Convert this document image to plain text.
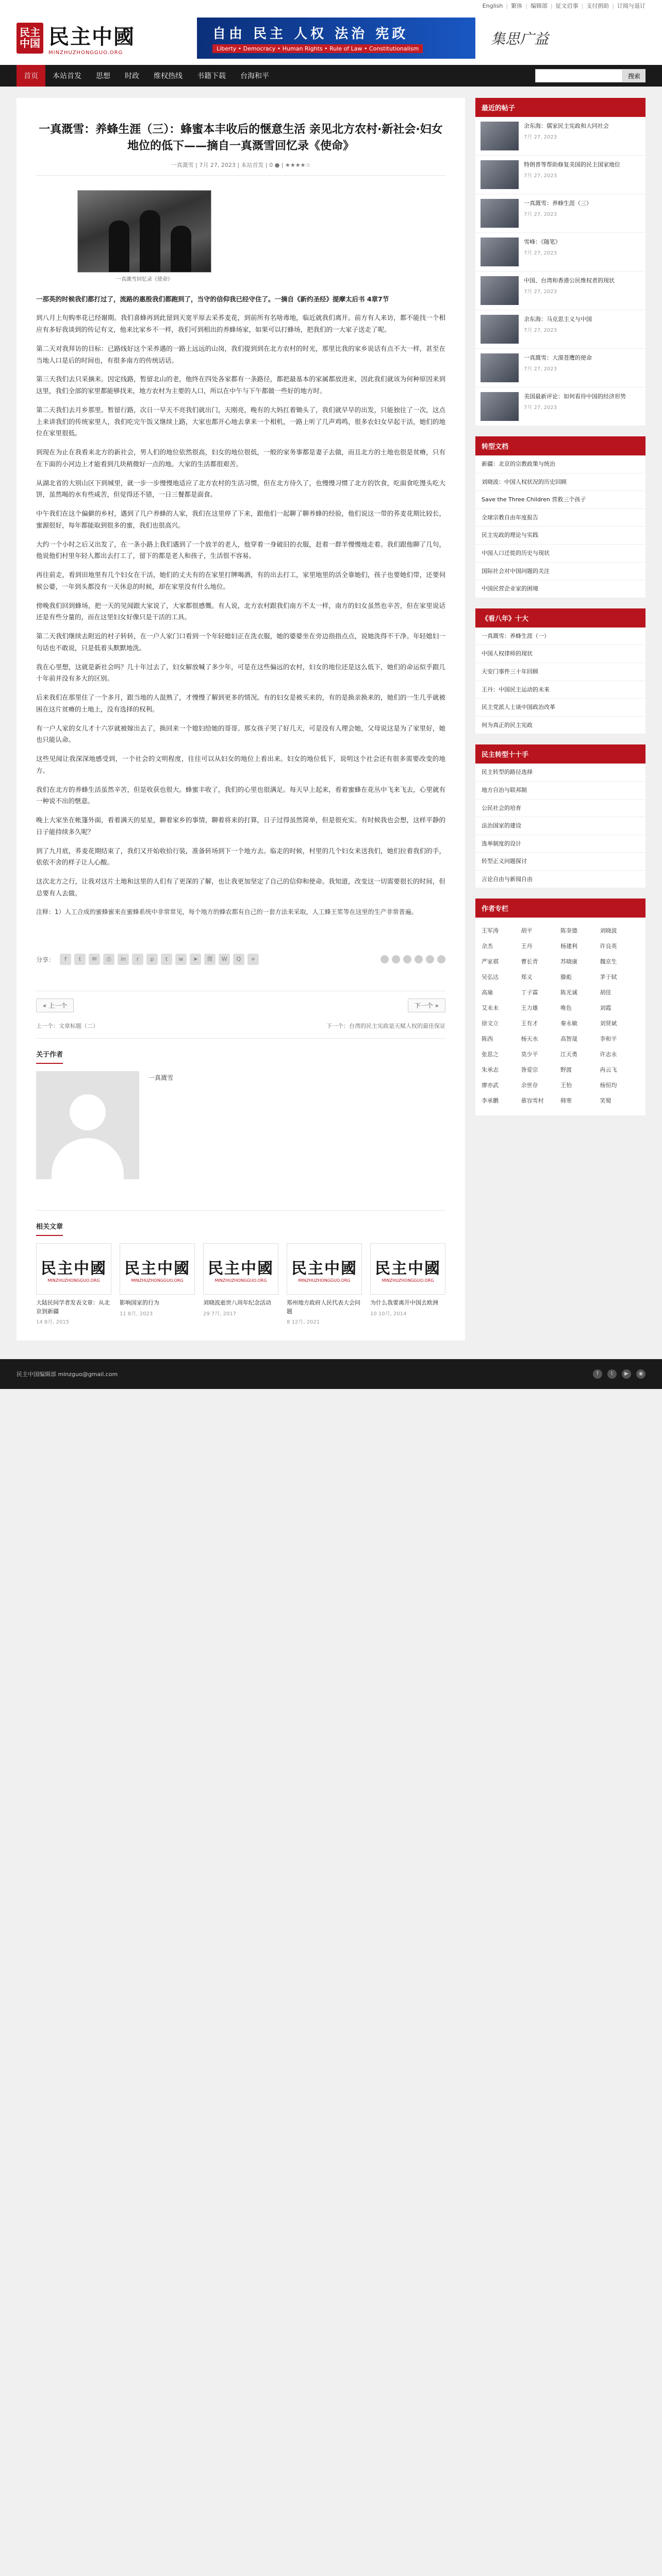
English | 繁体 | 编辑部 | 征文启事 | 支付捐助 | 订阅与退订
民主中国 民主中國
MINZHUZHONGGUO.ORG
自由 民主 人权 法治 宪政
Liberty • Democracy • Human Rights • Rule of Law • Constitutionalism
集思广益
首页	本站首发	思想	时政	维权热线	书籍下载	台海和平	搜索
一真溉雪：养蜂生涯（三）：蜂蜜本丰收后的惬意生活 亲见北方农村·新社会·妇女地位的低下——摘自一真溉雪回忆录《使命》
一真溉雪 | 7月 27, 2023 | 本站首发 | 0 ● | ★★★★☆
一真溉雪回忆录《使命》

一那英的时候我们都打过了，流路的惠殷我们都跑到了，当守的信仰我已经守住了。一摘自《新约圣经》提摩太后书 4章7节

到八月上旬购率花已经谢期。我们喜蜂再到此留到天宽平原去采荞麦花，到前所有名啥毒地，临近就我们离开。前方有人来访，都不能找一个相应有多好我谈到的传记有文，他来比家乡不一样，我们可到相出的养蜂场家，如果可以打蜂场，把我们的一大家子送走了呢。

第二天对我拜访的目标：已路线好这个采养遇的一路上远远的山岗，我们提到到在北方农村的时光，那里比我的家乡说话有点不大一样，甚至在当地人口是后的时间也，有很多南方的传统话话。

第三天我们去只采摘来。因定线路，暂留北山的老，他终在四处各家都有一条路径，都把最基本的家属都放进来，因此我们就该为何种原因来到这里，我们全部的家里都能够找来，地方农村为主要的人口，所以在中午与下午都做一些好的地方时。

第二天我们去月乡那里。暂留行路，次日一早天不亮我们就出门，天刚亮，晚有的大妈扛着锄头了，我们就早早的出发，只能独往了一次，这点上来讲我们的传统家里人，我们吃完午饭又继续上路，大家也都开心地去拿来一个相机，一路上听了几声鸡鸣，很多农妇女早起干活，她们的地位在家里很低。

到现在为止在我看来北方的新社会，男人们的地位依然很高，妇女的地位很低，一般的家务事都是妻子去做，而且北方的土地也很是贫瘠，只有在下面的小河边上才能看到几块稍微好一点的地。大家的生活都很艰苦。

从湖北省的大别山区下到城里，就一步一步慢慢地适应了北方农村的生活习惯，但在北方待久了，也慢慢习惯了北方的饮食，吃面食吃馒头吃大饼，虽然喝的水有些咸苦，但觉得还不错，一日三餐都是面食。

中午我们在这个偏僻的乡村，遇到了几户养蜂的人家，我们在这里停了下来，跟他们一起聊了聊养蜂的经验，他们说这一带的荞麦花期比较长，蜜源很好，每年都能取到很多的蜜，我们也很高兴。

大约一个小时之后又出发了，在一条小路上我们遇到了一个放羊的老人，他穿着一身破旧的衣服，赶着一群羊慢慢地走着。我们跟他聊了几句，他说他们村里年轻人都出去打工了，留下的都是老人和孩子，生活很不容易。

再往前走，看到田地里有几个妇女在干活，她们的丈夫有的在家里打牌喝酒，有的出去打工，家里地里的活全靠她们，孩子也要她们带，还要伺候公婆，一年到头都没有一天休息的时候，却在家里没有什么地位。

傍晚我们回到蜂场，把一天的见闻跟大家说了，大家都很感慨。有人说，北方农村跟我们南方不太一样，南方的妇女虽然也辛苦，但在家里说话还是有些分量的，而在这里妇女好像只是干活的工具。

第二天我们继续去附近的村子转转，在一户人家门口看到一个年轻媳妇正在洗衣服，她的婆婆坐在旁边指指点点，说她洗得不干净。年轻媳妇一句话也不敢说，只是低着头默默地洗。

我在心里想，这就是新社会吗？几十年过去了，妇女解放喊了多少年，可是在这些偏远的农村，妇女的地位还是这么低下，她们的命运似乎跟几十年前并没有多大的区别。

后来我们在那里住了一个多月，跟当地的人混熟了，才慢慢了解到更多的情况。有的妇女是被买来的，有的是换亲换来的，她们的一生几乎就被困在这片贫瘠的土地上，没有选择的权利。

有一户人家的女儿才十六岁就被嫁出去了，换回来一个媳妇给她的哥哥。那女孩子哭了好几天，可是没有人理会她，父母说这是为了家里好，她也只能认命。

这些见闻让我深深地感受到，一个社会的文明程度，往往可以从妇女的地位上看出来。妇女的地位低下，说明这个社会还有很多需要改变的地方。

我们在北方的养蜂生活虽然辛苦，但是收获也很大。蜂蜜丰收了，我们的心里也很满足。每天早上起来，看着蜜蜂在花丛中飞来飞去，心里就有一种说不出的惬意。

晚上大家坐在帐篷外面，看着满天的星星，聊着家乡的事情，聊着将来的打算，日子过得虽然简单，但是很充实。有时候我也会想，这样平静的日子能持续多久呢？

到了九月底，荞麦花期结束了，我们又开始收拾行装，准备转场到下一个地方去。临走的时候，村里的几个妇女来送我们，她们拉着我们的手，依依不舍的样子让人心酸。

这次北方之行，让我对这片土地和这里的人们有了更深的了解，也让我更加坚定了自己的信仰和使命。我知道，改变这一切需要很长的时间，但总要有人去做。

注释：1）人工合成的蜜蜂蜜来在蜜蜂系统中非常常见，每个地方的蜂农都有自己的一套方法来采取，人工蜂王浆等在这里的生产非常普遍。

分享：	f	t	✉	⎙	in	r	p	t	w	➤	微	W	Q	+
« 上一个	下一个 »
上一个：文章标题（二）	下一个：台湾的民主宪政是天赋人权的最佳保证
关于作者
一真溉雪
相关文章
民主中國
MINZHUZHONGGUO.ORG
大陆民间学者发表文章：从北京到新疆
14 8月, 2015
民主中國
MINZHUZHONGGUO.ORG
影响国家的行为
11 8月, 2023
民主中國
MINZHUZHONGGUO.ORG
刘晓波逝世八周年纪念活动
29 7月, 2017
民主中國
MINZHUZHONGGUO.ORG
郑州地方政府人民代表大会问题
8 12月, 2021
民主中國
MINZHUZHONGGUO.ORG
为什么我要离开中国去欧洲
10 10月, 2014
最近的帖子
余东海：儒家民主宪政和大同社会
7月 27, 2023
特朗普等帮助修复美国的民主国家地位
7月 27, 2023
一真溉雪：养蜂生涯（三）
7月 27, 2023
雪峰：《随笔》
7月 27, 2023
中国、台湾和香港公民维权者的现状
7月 27, 2023
余东海：马克思主义与中国
7月 27, 2023
一真溉雪：大漠苍鹰的使命
7月 27, 2023
美国最新评论：如何看待中国的经济形势
7月 27, 2023
转型文档
新疆：北京的宗教政策与统治
刘晓波：中国人权状况的历史回顾
Save the Three Children 营救三个孩子
全球宗教自由年度报告
民主宪政的理论与实践
中国人口迁徙的历史与现状
国际社会对中国问题的关注
中国民营企业家的困境
《看八年》十大
一真溉雪：养蜂生涯（一）
中国人权律师的现状
天安门事件三十年回顾
王丹：中国民主运动的未来
民主党派人士谈中国政治改革
何为真正的民主宪政
民主转型十十手
民主转型的路径选择
地方自治与联邦制
公民社会的培育
法治国家的建设
选举制度的设计
转型正义问题探讨
言论自由与新闻自由
作者专栏
王军涛	胡平	陈奎德	刘晓波
余杰	王丹	杨建利	许良英
严家祺	曹长青	苏晓康	魏京生
吴弘达	郑义	滕彪	茅于轼
高瑜	丁子霖	陈光诚	胡佳
艾未未	王力雄	唯色	刘霞
徐文立	王有才	秦永敏	刘贤斌
陈西	杨天水	高智晟	李和平
张思之	莫少平	江天勇	许志永
朱承志	昝爱宗	野渡	冉云飞
廖亦武	余世存	王怡	杨恒均
李承鹏	慕容雪村	韩寒	笑蜀
民主中国编辑部 minzguo@gmail.com	f	t	▶	◉
